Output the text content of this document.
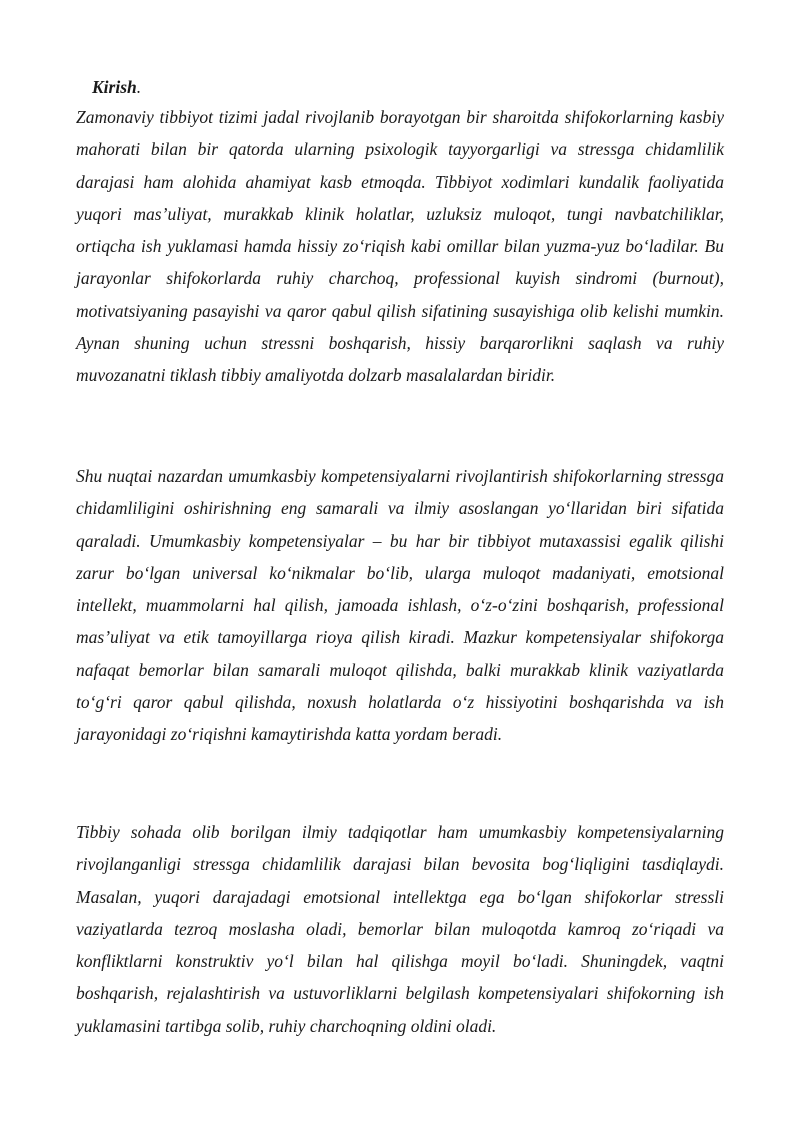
Kirish.

Zamonaviy tibbiyot tizimi jadal rivojlanib borayotgan bir sharoitda shifokorlarning kasbiy mahorati bilan bir qatorda ularning psixologik tayyorgarligi va stressga chidamlilik darajasi ham alohida ahamiyat kasb etmoqda. Tibbiyot xodimlari kundalik faoliyatida yuqori mas’uliyat, murakkab klinik holatlar, uzluksiz muloqot, tungi navbatchiliklar, ortiqcha ish yuklamasi hamda hissiy zo‘riqish kabi omillar bilan yuzma-yuz bo‘ladilar. Bu jarayonlar shifokorlarda ruhiy charchoq, professional kuyish sindromi (burnout), motivatsiyaning pasayishi va qaror qabul qilish sifatining susayishiga olib kelishi mumkin. Aynan shuning uchun stressni boshqarish, hissiy barqarorlikni saqlash va ruhiy muvozanatni tiklash tibbiy amaliyotda dolzarb masalalardan biridir.

Shu nuqtai nazardan umumkasbiy kompetensiyalarni rivojlantirish shifokorlarning stressga chidamliligini oshirishning eng samarali va ilmiy asoslangan yo‘llaridan biri sifatida qaraladi. Umumkasbiy kompetensiyalar – bu har bir tibbiyot mutaxassisi egalik qilishi zarur bo‘lgan universal ko‘nikmalar bo‘lib, ularga muloqot madaniyati, emotsional intellekt, muammolarni hal qilish, jamoada ishlash, o‘z-o‘zini boshqarish, professional mas’uliyat va etik tamoyillarga rioya qilish kiradi. Mazkur kompetensiyalar shifokorga nafaqat bemorlar bilan samarali muloqot qilishda, balki murakkab klinik vaziyatlarda to‘g‘ri qaror qabul qilishda, noxush holatlarda o‘z hissiyotini boshqarishda va ish jarayonidagi zo‘riqishni kamaytirishda katta yordam beradi.

Tibbiy sohada olib borilgan ilmiy tadqiqotlar ham umumkasbiy kompetensiyalarning rivojlanganligi stressga chidamlilik darajasi bilan bevosita bog‘liqligini tasdiqlaydi. Masalan, yuqori darajadagi emotsional intellektga ega bo‘lgan shifokorlar stressli vaziyatlarda tezroq moslasha oladi, bemorlar bilan muloqotda kamroq zo‘riqadi va konfliktlarni konstruktiv yo‘l bilan hal qilishga moyil bo‘ladi. Shuningdek, vaqtni boshqarish, rejalashtirish va ustuvorliklarni belgilash kompetensiyalari shifokorning ish yuklamasini tartibga solib, ruhiy charchoqning oldini oladi.
